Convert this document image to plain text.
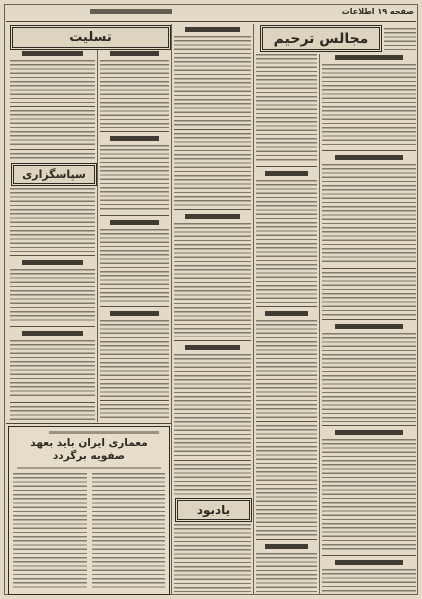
صفحه ۱۹ اطلاعات
مجالس ترحیم
یادبود
تسلیت
سپاسگزاری
معماری ایران باید بعهد صفویه برگردد
